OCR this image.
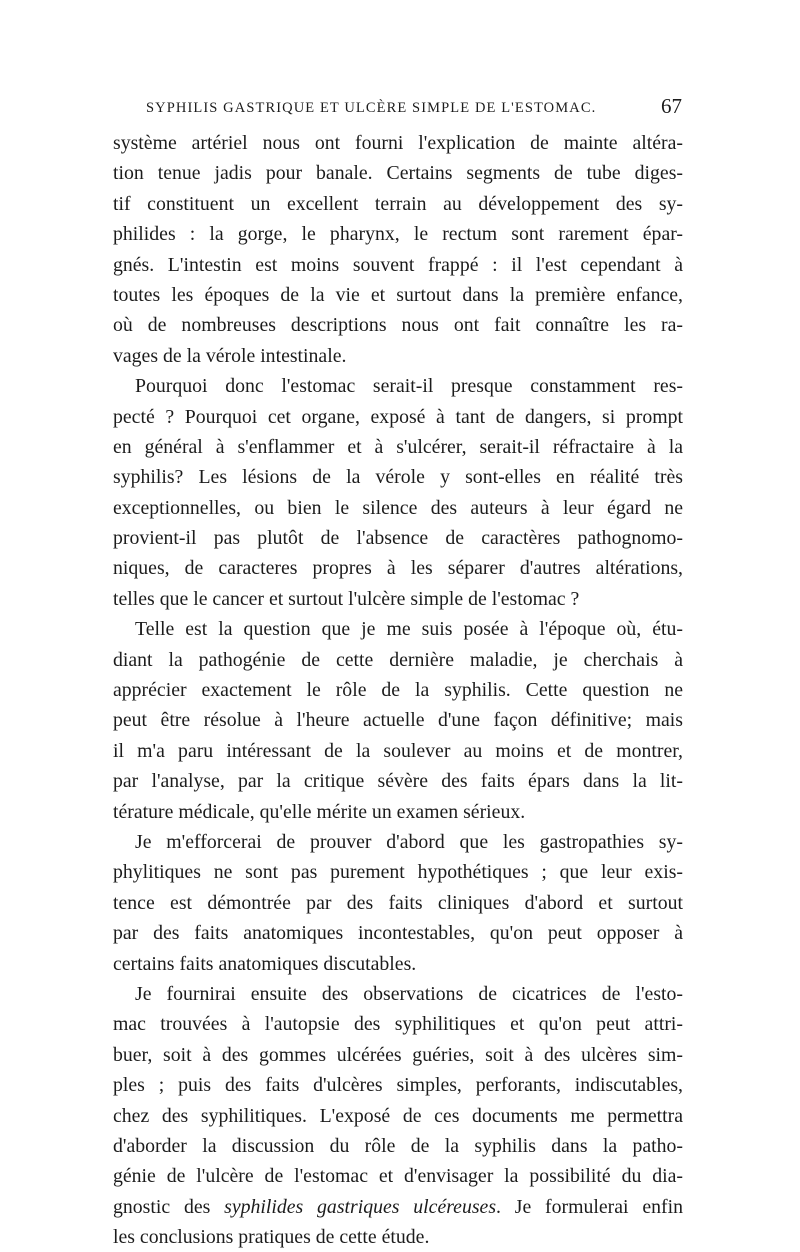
SYPHILIS GASTRIQUE ET ULCÈRE SIMPLE DE L'ESTOMAC.	67
système artériel nous ont fourni l'explication de mainte altéra-
tion tenue jadis pour banale. Certains segments de tube diges-
tif constituent un excellent terrain au développement des sy-
philides : la gorge, le pharynx, le rectum sont rarement épar-
gnés. L'intestin est moins souvent frappé : il l'est cependant à
toutes les époques de la vie et surtout dans la première enfance,
où de nombreuses descriptions nous ont fait connaître les ra-
vages de la vérole intestinale.
Pourquoi donc l'estomac serait-il presque constamment res-
pecté ? Pourquoi cet organe, exposé à tant de dangers, si prompt
en général à s'enflammer et à s'ulcérer, serait-il réfractaire à la
syphilis? Les lésions de la vérole y sont-elles en réalité très
exceptionnelles, ou bien le silence des auteurs à leur égard ne
provient-il pas plutôt de l'absence de caractères pathognomo-
niques, de caracteres propres à les séparer d'autres altérations,
telles que le cancer et surtout l'ulcère simple de l'estomac ?
Telle est la question que je me suis posée à l'époque où, étu-
diant la pathogénie de cette dernière maladie, je cherchais à
apprécier exactement le rôle de la syphilis. Cette question ne
peut être résolue à l'heure actuelle d'une façon définitive; mais
il m'a paru intéressant de la soulever au moins et de montrer,
par l'analyse, par la critique sévère des faits épars dans la lit-
térature médicale, qu'elle mérite un examen sérieux.
Je m'efforcerai de prouver d'abord que les gastropathies sy-
phylitiques ne sont pas purement hypothétiques ; que leur exis-
tence est démontrée par des faits cliniques d'abord et surtout
par des faits anatomiques incontestables, qu'on peut opposer à
certains faits anatomiques discutables.
Je fournirai ensuite des observations de cicatrices de l'esto-
mac trouvées à l'autopsie des syphilitiques et qu'on peut attri-
buer, soit à des gommes ulcérées guéries, soit à des ulcères sim-
ples ; puis des faits d'ulcères simples, perforants, indiscutables,
chez des syphilitiques. L'exposé de ces documents me permettra
d'aborder la discussion du rôle de la syphilis dans la patho-
génie de l'ulcère de l'estomac et d'envisager la possibilité du dia-
gnostic des syphilides gastriques ulcéreuses. Je formulerai enfin
les conclusions pratiques de cette étude.
